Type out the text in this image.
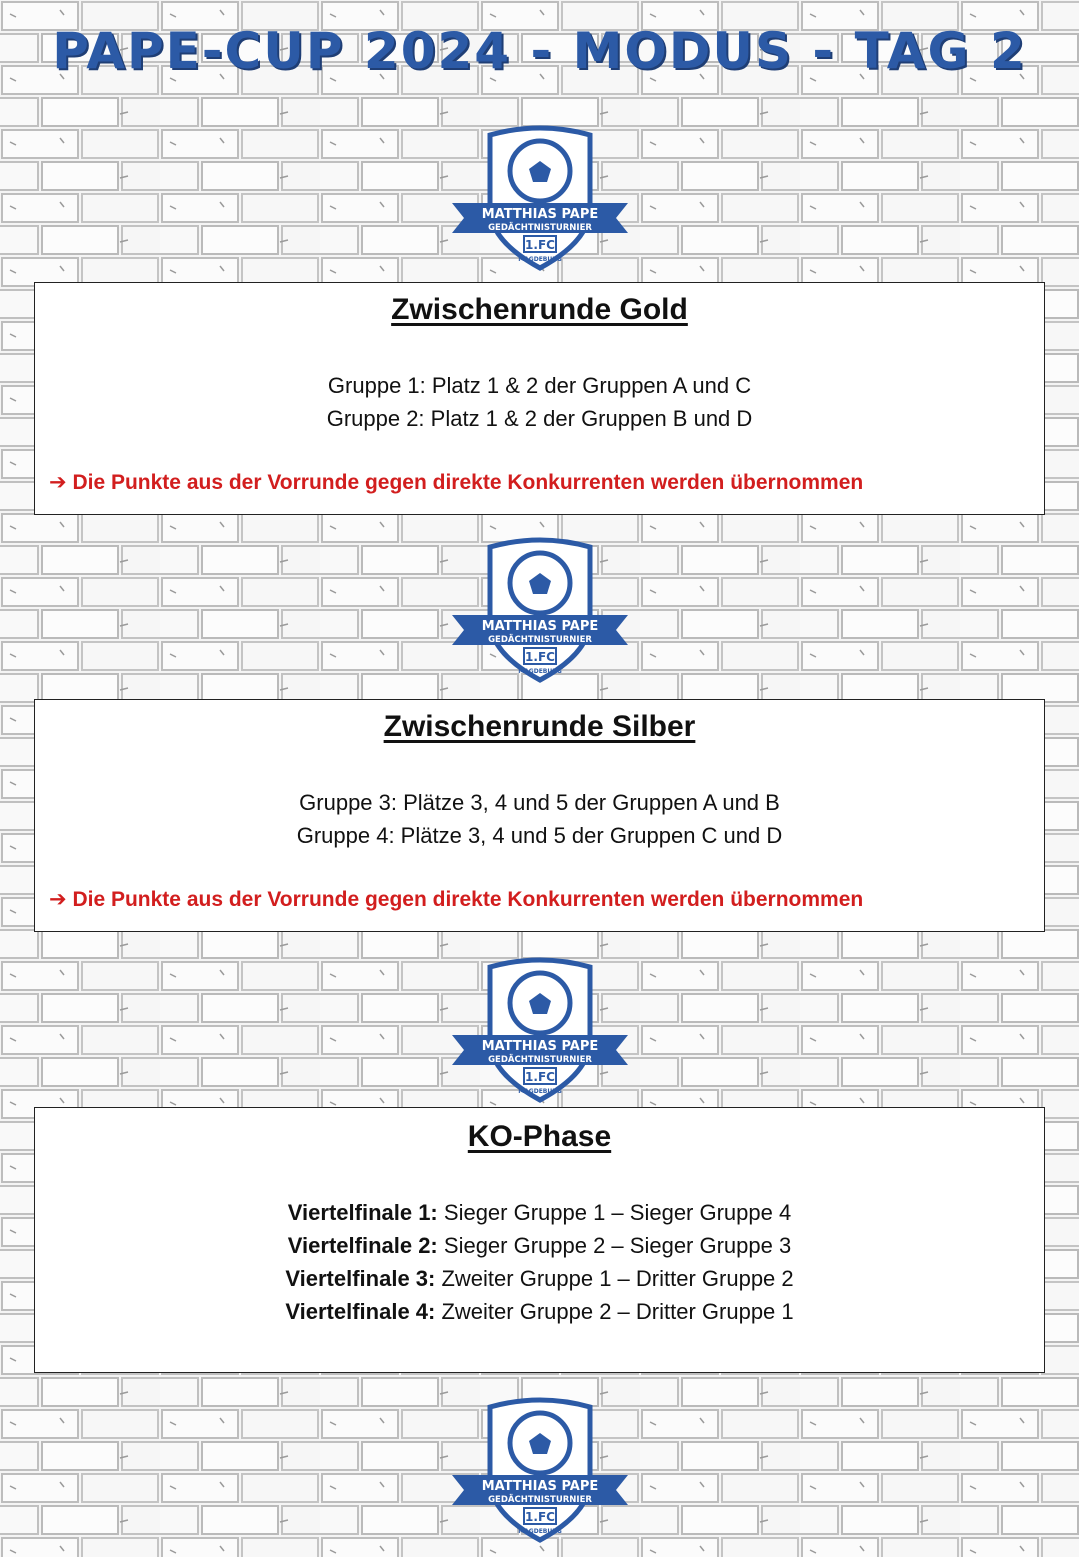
PAPE-CUP 2024 - MODUS - TAG 2
MATTHIAS PAPE
GEDÄCHTNISTURNIER
1.FC
MAGDEBURG
Zwischenrunde Gold

Gruppe 1: Platz 1 & 2 der Gruppen A und C

Gruppe 2: Platz 1 & 2 der Gruppen B und D

➔ Die Punkte aus der Vorrunde gegen direkte Konkurrenten werden übernommen
MATTHIAS PAPE
GEDÄCHTNISTURNIER
1.FC
MAGDEBURG
Zwischenrunde Silber

Gruppe 3: Plätze 3, 4 und 5 der Gruppen A und B

Gruppe 4: Plätze 3, 4 und 5 der Gruppen C und D

➔ Die Punkte aus der Vorrunde gegen direkte Konkurrenten werden übernommen
MATTHIAS PAPE
GEDÄCHTNISTURNIER
1.FC
MAGDEBURG
KO-Phase

Viertelfinale 1: Sieger Gruppe 1 – Sieger Gruppe 4

Viertelfinale 2: Sieger Gruppe 2 – Sieger Gruppe 3

Viertelfinale 3: Zweiter Gruppe 1 – Dritter Gruppe 2

Viertelfinale 4: Zweiter Gruppe 2 – Dritter Gruppe 1

MATTHIAS PAPE
GEDÄCHTNISTURNIER
1.FC
MAGDEBURG
